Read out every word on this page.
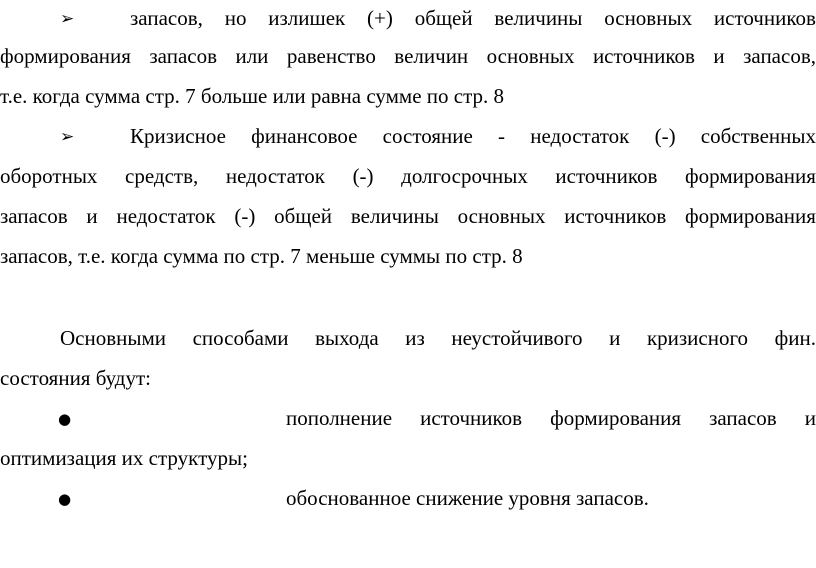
➢	запасов, но излишек (+) общей величины основных источников
формирования запасов или равенство величин основных источников и запасов,
т.е. когда сумма стр. 7 больше или равна сумме по стр. 8
➢	Кризисное финансовое состояние - недостаток (-) собственных
оборотных средств, недостаток (-) долгосрочных источников формирования
запасов и недостаток (-) общей величины основных источников формирования
запасов, т.е. когда сумма по стр. 7 меньше суммы по стр. 8
Основными способами выхода из неустойчивого и кризисного фин.
состояния будут:
●	пополнение источников формирования запасов и
оптимизация их структуры;
●	обоснованное снижение уровня запасов.
